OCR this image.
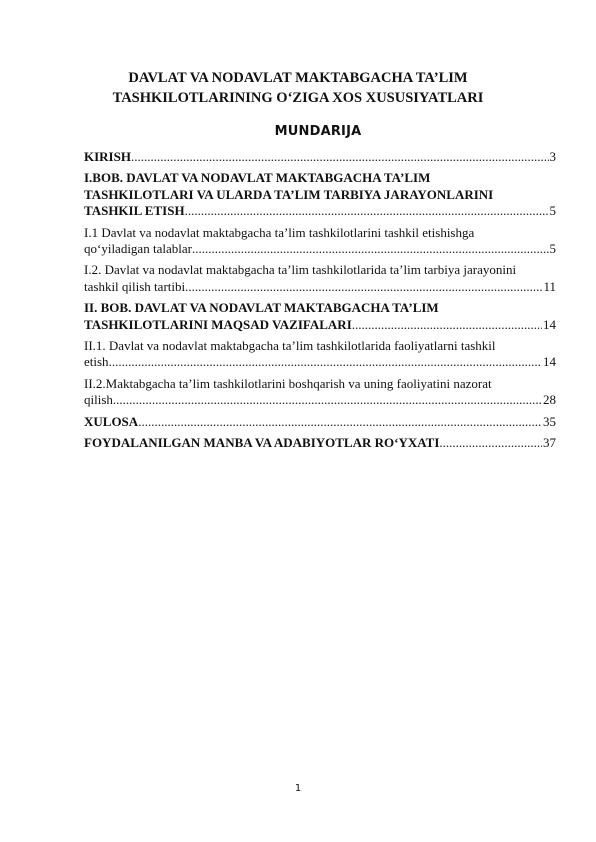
DAVLAT VA NODAVLAT MAKTABGACHA TA’LIM
TASHKILOTLARINING O‘ZIGA XOS XUSUSIYATLARI
MUNDARIJA
KIRISH .....	3
I.BOB. DAVLAT VA NODAVLAT MAKTABGACHA TA’LIM
TASHKILOTLARI VA ULARDA TA’LIM TARBIYA JARAYONLARINI
TASHKIL ETISH .....	5
I.1 Davlat va nodavlat maktabgacha ta’lim tashkilotlarini tashkil etishishga
qo‘yiladigan talablar .....	5
I.2. Davlat va nodavlat maktabgacha ta’lim tashkilotlarida ta’lim tarbiya jarayonini
tashkil qilish tartibi .....	11
II. BOB. DAVLAT VA NODAVLAT MAKTABGACHA TA’LIM
TASHKILOTLARINI MAQSAD VAZIFALARI .....	14
II.1. Davlat va nodavlat maktabgacha ta’lim tashkilotlarida faoliyatlarni tashkil
etish .....	14
II.2.Maktabgacha ta’lim tashkilotlarini boshqarish va uning faoliyatini nazorat
qilish .....	28
XULOSA .....	35
FOYDALANILGAN MANBA VA ADABIYOTLAR RO‘YXATI .....	37
1
